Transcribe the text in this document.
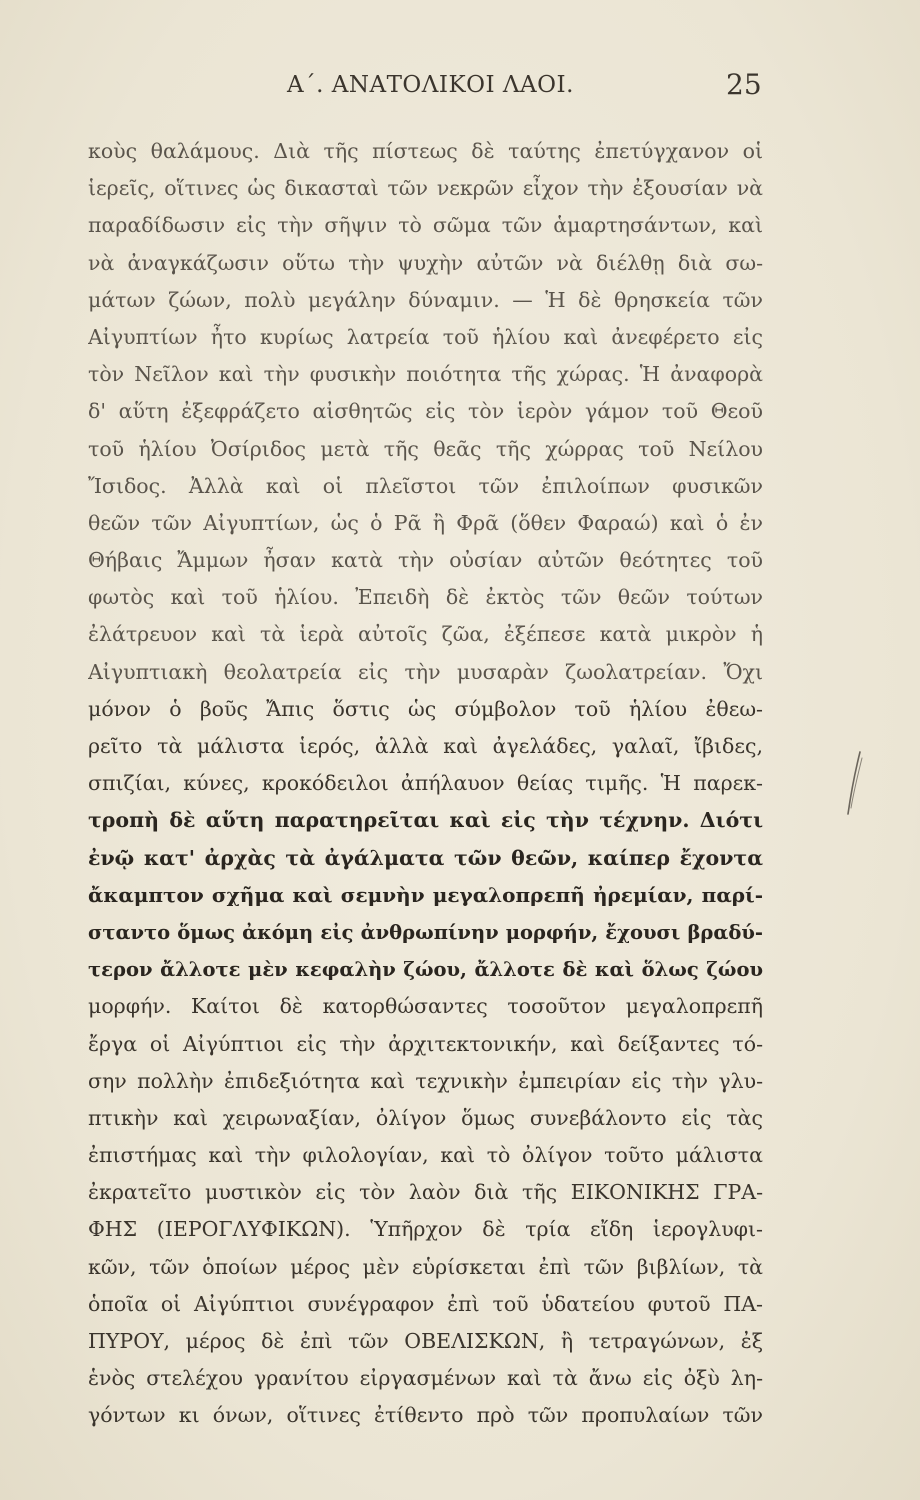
Α΄. ΑΝΑΤΟΛΙΚΟΙ ΛΑΟΙ.	25
κοὺς θαλάμους. Διὰ τῆς πίστεως δὲ ταύτης ἐπετύγχανον οἱ
ἱερεῖς, οἵτινες ὡς δικασταὶ τῶν νεκρῶν εἶχον τὴν ἐξουσίαν νὰ
παραδίδωσιν εἰς τὴν σῆψιν τὸ σῶμα τῶν ἁμαρτησάντων, καὶ
νὰ ἀναγκάζωσιν οὕτω τὴν ψυχὴν αὐτῶν νὰ διέλθῃ διὰ σω-
μάτων ζώων, πολὺ μεγάλην δύναμιν. — Ἡ δὲ θρησκεία τῶν
Αἰγυπτίων ἦτο κυρίως λατρεία τοῦ ἡλίου καὶ ἀνεφέρετο εἰς
τὸν Νεῖλον καὶ τὴν φυσικὴν ποιότητα τῆς χώρας. Ἡ ἀναφορὰ
δ' αὕτη ἐξεφράζετο αἰσθητῶς εἰς τὸν ἱερὸν γάμον τοῦ Θεοῦ
τοῦ ἡλίου Ὀσίριδος μετὰ τῆς θεᾶς τῆς χώρρας τοῦ Νείλου
Ἴσιδος. Ἀλλὰ καὶ οἱ πλεῖστοι τῶν ἐπιλοίπων φυσικῶν
θεῶν τῶν Αἰγυπτίων, ὡς ὁ Ρᾶ ἢ Φρᾶ (ὅθεν Φαραώ) καὶ ὁ ἐν
Θήβαις Ἄμμων ἦσαν κατὰ τὴν οὐσίαν αὐτῶν θεότητες τοῦ
φωτὸς καὶ τοῦ ἡλίου. Ἐπειδὴ δὲ ἐκτὸς τῶν θεῶν τούτων
ἐλάτρευον καὶ τὰ ἱερὰ αὐτοῖς ζῶα, ἐξέπεσε κατὰ μικρὸν ἡ
Αἰγυπτιακὴ θεολατρεία εἰς τὴν μυσαρὰν ζωολατρείαν. Ὄχι
μόνον ὁ βοῦς Ἄπις ὅστις ὡς σύμβολον τοῦ ἡλίου ἐθεω-
ρεῖτο τὰ μάλιστα ἱερός, ἀλλὰ καὶ ἀγελάδες, γαλαῖ, ἴβιδες,
σπιζίαι, κύνες, κροκόδειλοι ἀπήλαυον θείας τιμῆς. Ἡ παρεκ-
τροπὴ δὲ αὕτη παρατηρεῖται καὶ εἰς τὴν τέχνην. Διότι
ἐνῷ κατ' ἀρχὰς τὰ ἀγάλματα τῶν θεῶν, καίπερ ἔχοντα
ἄκαμπτον σχῆμα καὶ σεμνὴν μεγαλοπρεπῆ ἠρεμίαν, παρί-
σταντο ὅμως ἀκόμη εἰς ἀνθρωπίνην μορφήν, ἔχουσι βραδύ-
τερον ἄλλοτε μὲν κεφαλὴν ζώου, ἄλλοτε δὲ καὶ ὅλως ζώου
μορφήν. Καίτοι δὲ κατορθώσαντες τοσοῦτον μεγαλοπρεπῆ
ἔργα οἱ Αἰγύπτιοι εἰς τὴν ἀρχιτεκτονικήν, καὶ δείξαντες τό-
σην πολλὴν ἐπιδεξιότητα καὶ τεχνικὴν ἐμπειρίαν εἰς τὴν γλυ-
πτικὴν καὶ χειρωναξίαν, ὀλίγον ὅμως συνεβάλοντο εἰς τὰς
ἐπιστήμας καὶ τὴν φιλολογίαν, καὶ τὸ ὀλίγον τοῦτο μάλιστα
ἐκρατεῖτο μυστικὸν εἰς τὸν λαὸν διὰ τῆς ΕΙΚΟΝΙΚΗΣ ΓΡΑ-
ΦΗΣ (ΙΕΡΟΓΛΥΦΙΚΩΝ). Ὑπῆρχον δὲ τρία εἴδη ἱερογλυφι-
κῶν, τῶν ὁποίων μέρος μὲν εὑρίσκεται ἐπὶ τῶν βιβλίων, τὰ
ὁποῖα οἱ Αἰγύπτιοι συνέγραφον ἐπὶ τοῦ ὑδατείου φυτοῦ ΠΑ-
ΠΥΡΟΥ, μέρος δὲ ἐπὶ τῶν ΟΒΕΛΙΣΚΩΝ, ἢ τετραγώνων, ἐξ
ἑνὸς στελέχου γρανίτου εἰργασμένων καὶ τὰ ἄνω εἰς ὀξὺ λη-
γόντων κι όνων, οἵτινες ἐτίθεντο πρὸ τῶν προπυλαίων τῶν
